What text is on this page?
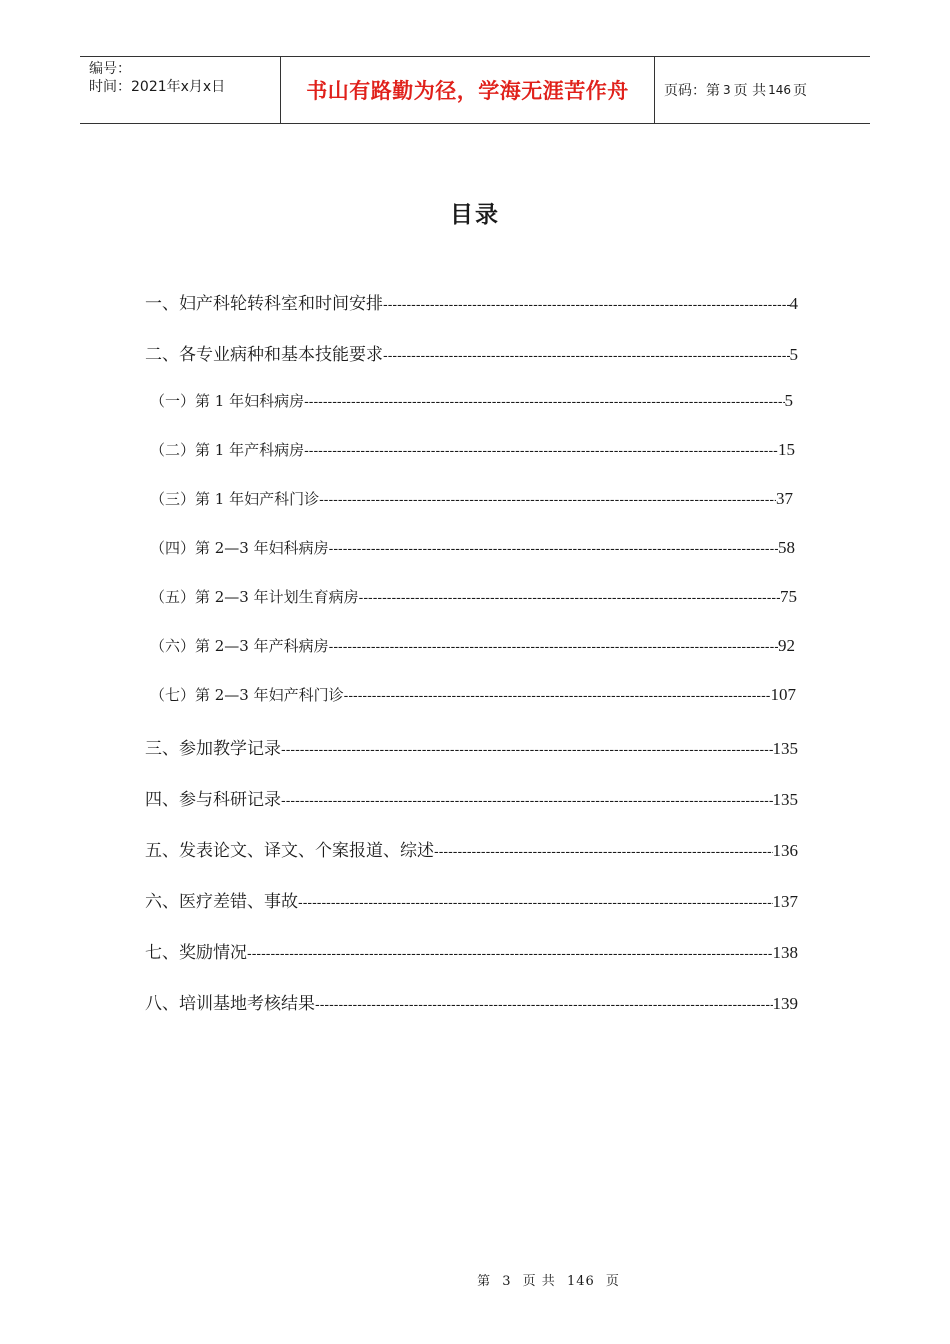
编号：
时间：2021年x月x日	书山有路勤为径，学海无涯苦作舟	页码：第 3 页 共 146 页
目录
一、妇产科轮转科室和时间安排 -----	4
二、各专业病种和基本技能要求 -----	5
（一）第 1 年妇科病房 -----	5
（二）第 1 年产科病房 -----	15
（三）第 1 年妇产科门诊 -----	37
（四）第 2—3 年妇科病房 -----	58
（五）第 2—3 年计划生育病房 -----	75
（六）第 2—3 年产科病房 -----	92
（七）第 2—3 年妇产科门诊 -----	107
三、参加教学记录 -----	135
四、参与科研记录 -----	135
五、发表论文、译文、个案报道、综述 -----	136
六、医疗差错、事故 -----	137
七、奖励情况 -----	138
八、培训基地考核结果 -----	139
第 3 页 共 146 页
